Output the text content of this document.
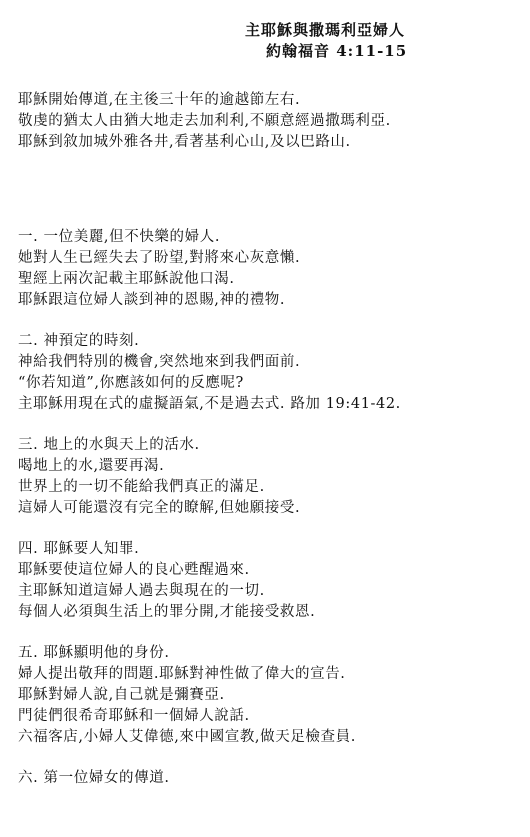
主耶穌與撒瑪利亞婦人
約翰福音 4:11-15
耶穌開始傳道,在主後三十年的逾越節左右.
敬虔的猶太人由猶大地走去加利利,不願意經過撒瑪利亞.
耶穌到敘加城外雅各井,看著基利心山,及以巴路山.
一. 一位美麗,但不快樂的婦人.
她對人生已經失去了盼望,對將來心灰意懶.
聖經上兩次記載主耶穌說他口渴.
耶穌跟這位婦人談到神的恩賜,神的禮物.
二. 神預定的時刻.
神給我們特別的機會,突然地來到我們面前.
“你若知道”,你應該如何的反應呢?
主耶穌用現在式的虛擬語氣,不是過去式. 路加 19:41-42.
三. 地上的水與天上的活水.
喝地上的水,還要再渴.
世界上的一切不能給我們真正的滿足.
這婦人可能還沒有完全的瞭解,但她願接受.
四. 耶穌要人知罪.
耶穌要使這位婦人的良心甦醒過來.
主耶穌知道這婦人過去與現在的一切.
每個人必須與生活上的罪分開,才能接受救恩.
五. 耶穌顯明他的身份.
婦人提出敬拜的問題.耶穌對神性做了偉大的宣告.
耶穌對婦人說,自己就是彌賽亞.
門徒們很希奇耶穌和一個婦人說話.
六福客店,小婦人艾偉德,來中國宣教,做天足檢查員.
六. 第一位婦女的傳道.
